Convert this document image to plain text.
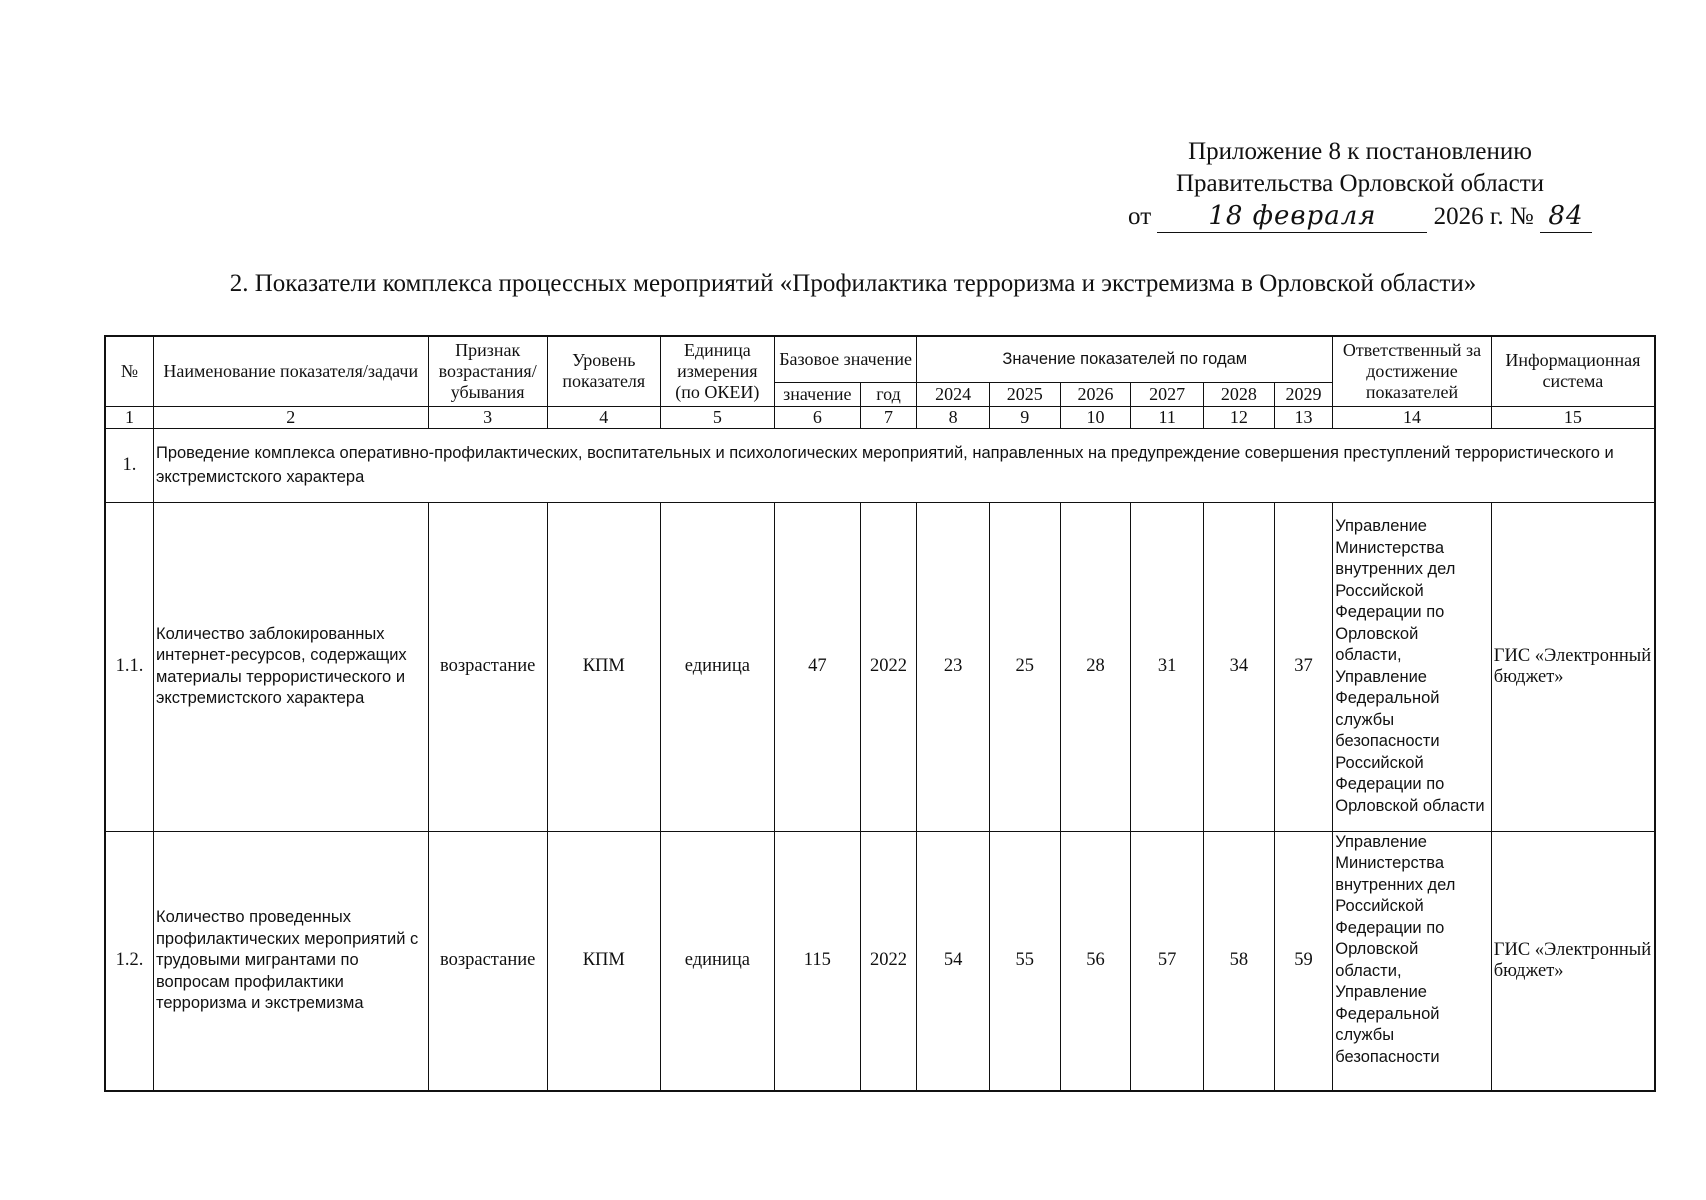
Приложение 8 к постановлению
Правительства Орловской области
от 18 февраля 2026 г. № 84
2. Показатели комплекса процессных мероприятий «Профилактика терроризма и экстремизма в Орловской области»
№	Наименование показателя/задачи	Признак возрастания/ убывания	Уровень показателя	Единица измерения (по ОКЕИ)	Базовое значение		Значение показателей по годам						Ответственный за достижение показателей	Информационная система
					значение	год	2024	2025	2026	2027	2028	2029		
1	2	3	4	5	6	7	8	9	10	11	12	13	14	15
1.	Проведение комплекса оперативно-профилактических, воспитательных и психологических мероприятий, направленных на предупреждение совершения преступлений террористического и экстремистского характера													
1.1.	Количество заблокированных интернет-ресурсов, содержащих материалы террористического и экстремистского характера	возрастание	КПМ	единица	47	2022	23	25	28	31	34	37	Управление Министерства внутренних дел Российской Федерации по Орловской области, Управление Федеральной службы безопасности Российской Федерации по Орловской области	ГИС «Электронный бюджет»
1.2.	Количество проведенных профилактических мероприятий с трудовыми мигрантами по вопросам профилактики терроризма и экстремизма	возрастание	КПМ	единица	115	2022	54	55	56	57	58	59	Управление Министерства внутренних дел Российской Федерации по Орловской области, Управление Федеральной службы безопасности	ГИС «Электронный бюджет»
